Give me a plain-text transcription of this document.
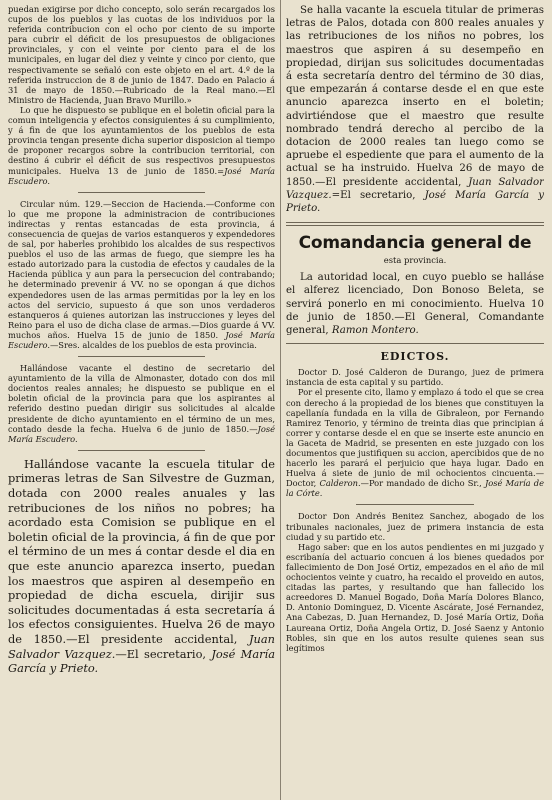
puedan exigirse por dicho concepto, solo serán recargados los cupos de los pueblos y las cuotas de los individuos por la referida contribucion con el ocho por ciento de su importe para cubrir el déficit de los presupuestos de obligaciones provinciales, y con el veinte por ciento para el de los municipales, en lugar del diez y veinte y cinco por ciento, que respectivamente se señaló con este objeto en el art. 4.º de la referida instruccion de 8 de junio de 1847. Dado en Palacio á 31 de mayo de 1850.—Rubricado de la Real mano.—El Ministro de Hacienda, Juan Bravo Murillo.»

Lo que he dispuesto se publique en el boletin oficial para la comun inteligencia y efectos consiguientes á su cumplimiento, y á fin de que los ayuntamientos de los pueblos de esta provincia tengan presente dicha superior disposicion al tiempo de proponer recargos sobre la contribucion territorial, con destino á cubrir el déficit de sus respectivos presupuestos municipales. Huelva 13 de junio de 1850.=José María Escudero.

Circular núm. 129.—Seccion de Hacienda.—Conforme con lo que me propone la administracion de contribuciones indirectas y rentas estancadas de esta provincia, á consecuencia de quejas de varios estanqueros y expendedores de sal, por haberles prohibido los alcaldes de sus respectivos pueblos el uso de las armas de fuego, que siempre les ha estado autorizado para la custodia de efectos y caudales de la Hacienda pública y aun para la persecucion del contrabando; he determinado prevenir á VV. no se opongan á que dichos expendedores usen de las armas permitidas por la ley en los actos del servicio, supuesto á que son unos verdaderos estanqueros á quienes autorizan las instrucciones y leyes del Reino para el uso de dicha clase de armas.—Dios guarde á VV. muchos años. Huelva 15 de junio de 1850. José María Escudero.—Sres. alcaldes de los pueblos de esta provincia.

Hallándose vacante el destino de secretario del ayuntamiento de la villa de Almonaster, dotado con dos mil docientos reales annales; he dispuesto se publique en el boletin oficial de la provincia para que los aspirantes al referido destino puedan dirigir sus solicitudes al alcalde presidente de dicho ayuntamiento en el término de un mes, contado desde la fecha. Huelva 6 de junio de 1850.—José María Escudero.

Hallándose vacante la escuela titular de primeras letras de San Silvestre de Guzman, dotada con 2000 reales anuales y las retribuciones de los niños no pobres; ha acordado esta Comision se publique en el boletin oficial de la provincia, á fin de que por el término de un mes á contar desde el dia en que este anuncio aparezca inserto, puedan los maestros que aspiren al desempeño en propiedad de dicha escuela, dirijir sus solicitudes documentadas á esta secretaría á los efectos consiguientes. Huelva 26 de mayo de 1850.—El presidente accidental, Juan Salvador Vazquez.—El secretario, José María García y Prieto.

Se halla vacante la escuela titular de primeras letras de Palos, dotada con 800 reales anuales y las retribuciones de los niños no pobres, los maestros que aspiren á su desempeño en propiedad, dirijan sus solicitudes documentadas á esta secretaría dentro del término de 30 dias, que empezarán á contarse desde el en que este anuncio aparezca inserto en el boletin; advirtiéndose que el maestro que resulte nombrado tendrá derecho al percibo de la dotacion de 2000 reales tan luego como se apruebe el espediente que para el aumento de la actual se ha instruido. Huelva 26 de mayo de 1850.—El presidente accidental, Juan Salvador Vazquez.=El secretario, José María García y Prieto.

Comandancia general de
esta provincia.

La autoridad local, en cuyo pueblo se halláse el alferez licenciado, Don Bonoso Beleta, se servirá ponerlo en mi conocimiento. Huelva 10 de junio de 1850.—El General, Comandante general, Ramon Montero.

EDICTOS.

Doctor D. José Calderon de Durango, juez de primera instancia de esta capital y su partido.

Por el presente cito, llamo y emplazo á todo el que se crea con derecho á la propiedad de los bienes que constituyen la capellanía fundada en la villa de Gibraleon, por Fernando Ramirez Tenorio, y término de treinta dias que principian á correr y contarse desde el en que se inserte este anuncio en la Gaceta de Madrid, se presenten en este juzgado con los documentos que justifiquen su accion, apercibidos que de no hacerlo les parará el perjuicio que haya lugar. Dado en Huelva á siete de junio de mil ochocientos cincuenta.—Doctor, Calderon.—Por mandado de dicho Sr., José María de la Córte.

Doctor Don Andrés Benitez Sanchez, abogado de los tribunales nacionales, juez de primera instancia de esta ciudad y su partido etc.

Hago saber: que en los autos pendientes en mi juzgado y escribanía del actuario concuen á los bienes quedados por fallecimiento de Don José Ortiz, empezados en el año de mil ochocientos veinte y cuatro, ha recaido el proveido en autos, citadas las partes, y resultando que han fallecido los acreedores D. Manuel Bogado, Doña María Dolores Blanco, D. Antonio Dominguez, D. Vicente Ascárate, José Fernandez, Ana Cabezas, D. Juan Hernandez, D. José María Ortiz, Doña Laureana Ortiz, Doña Angela Ortiz, D. José Saenz y Antonio Robles, sin que en los autos resulte quienes sean sus legítimos
